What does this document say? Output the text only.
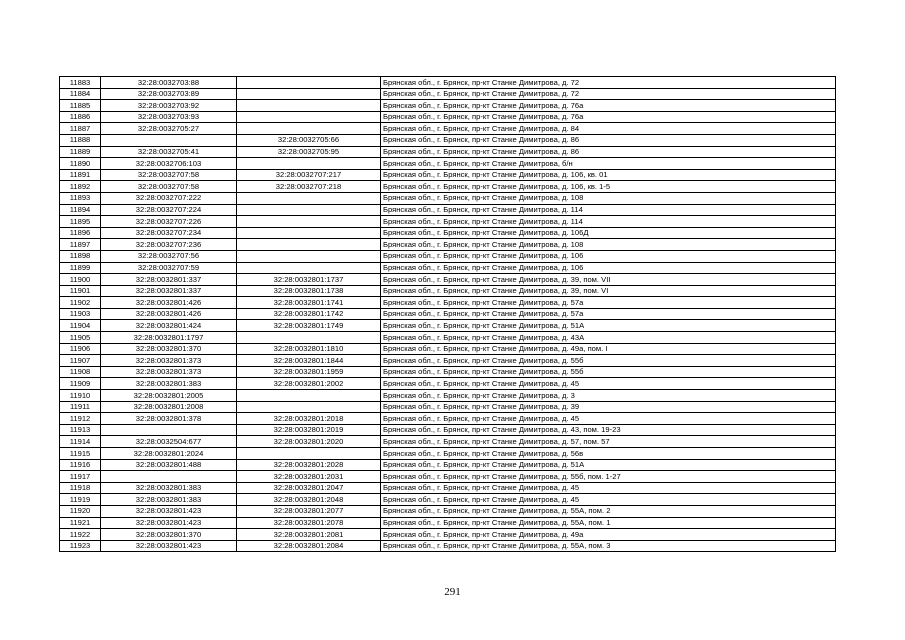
11883	32:28:0032703:88		Брянская обл., г. Брянск, пр-кт Станке Димитрова, д. 72
11884	32:28:0032703:89		Брянская обл., г. Брянск, пр-кт Станке Димитрова, д. 72
11885	32:28:0032703:92		Брянская обл., г. Брянск, пр-кт Станке Димитрова, д. 76а
11886	32:28:0032703:93		Брянская обл., г. Брянск, пр-кт Станке Димитрова, д. 76а
11887	32:28:0032705:27		Брянская обл., г. Брянск, пр-кт Станке Димитрова, д. 84
11888		32:28:0032705:66	Брянская обл., г. Брянск, пр-кт Станке Димитрова, д. 86
11889	32:28:0032705:41	32:28:0032705:95	Брянская обл., г. Брянск, пр-кт Станке Димитрова, д. 86
11890	32:28:0032706:103		Брянская обл., г. Брянск, пр-кт Станке Димитрова, б/н
11891	32:28:0032707:58	32:28:0032707:217	Брянская обл., г. Брянск, пр-кт Станке Димитрова, д. 106, кв. 01
11892	32:28:0032707:58	32:28:0032707:218	Брянская обл., г. Брянск, пр-кт Станке Димитрова, д. 106, кв. 1-5
11893	32:28:0032707:222		Брянская обл., г. Брянск, пр-кт Станке Димитрова, д. 108
11894	32:28:0032707:224		Брянская обл., г. Брянск, пр-кт Станке Димитрова, д. 114
11895	32:28:0032707:226		Брянская обл., г. Брянск, пр-кт Станке Димитрова, д. 114
11896	32:28:0032707:234		Брянская обл., г. Брянск, пр-кт Станке Димитрова, д. 106Д
11897	32:28:0032707:236		Брянская обл., г. Брянск, пр-кт Станке Димитрова, д. 108
11898	32:28:0032707:56		Брянская обл., г. Брянск, пр-кт Станке Димитрова, д. 106
11899	32:28:0032707:59		Брянская обл., г. Брянск, пр-кт Станке Димитрова, д. 106
11900	32:28:0032801:337	32:28:0032801:1737	Брянская обл., г. Брянск, пр-кт Станке Димитрова, д. 39, пом. VII
11901	32:28:0032801:337	32:28:0032801:1738	Брянская обл., г. Брянск, пр-кт Станке Димитрова, д. 39, пом. VI
11902	32:28:0032801:426	32:28:0032801:1741	Брянская обл., г. Брянск, пр-кт Станке Димитрова, д. 57а
11903	32:28:0032801:426	32:28:0032801:1742	Брянская обл., г. Брянск, пр-кт Станке Димитрова, д. 57а
11904	32:28:0032801:424	32:28:0032801:1749	Брянская обл., г. Брянск, пр-кт Станке Димитрова, д. 51А
11905	32:28:0032801:1797		Брянская обл., г. Брянск, пр-кт Станке Димитрова, д. 43А
11906	32:28:0032801:370	32:28:0032801:1810	Брянская обл., г. Брянск, пр-кт Станке Димитрова, д. 49а, пом. I
11907	32:28:0032801:373	32:28:0032801:1844	Брянская обл., г. Брянск, пр-кт Станке Димитрова, д. 55б
11908	32:28:0032801:373	32:28:0032801:1959	Брянская обл., г. Брянск, пр-кт Станке Димитрова, д. 55б
11909	32:28:0032801:383	32:28:0032801:2002	Брянская обл., г. Брянск, пр-кт Станке Димитрова, д. 45
11910	32:28:0032801:2005		Брянская обл., г. Брянск, пр-кт Станке Димитрова, д. 3
11911	32:28:0032801:2008		Брянская обл., г. Брянск, пр-кт Станке Димитрова, д. 39
11912	32:28:0032801:378	32:28:0032801:2018	Брянская обл., г. Брянск, пр-кт Станке Димитрова, д. 45
11913		32:28:0032801:2019	Брянская обл., г. Брянск, пр-кт Станке Димитрова, д. 43, пом. 19-23
11914	32:28:0032504:677	32:28:0032801:2020	Брянская обл., г. Брянск, пр-кт Станке Димитрова, д. 57, пом. 57
11915	32:28:0032801:2024		Брянская обл., г. Брянск, пр-кт Станке Димитрова, д. 56в
11916	32:28:0032801:488	32:28:0032801:2028	Брянская обл., г. Брянск, пр-кт Станке Димитрова, д. 51А
11917		32:28:0032801:2031	Брянская обл., г. Брянск, пр-кт Станке Димитрова, д. 55б, пом. 1-27
11918	32:28:0032801:383	32:28:0032801:2047	Брянская обл., г. Брянск, пр-кт Станке Димитрова, д. 45
11919	32:28:0032801:383	32:28:0032801:2048	Брянская обл., г. Брянск, пр-кт Станке Димитрова, д. 45
11920	32:28:0032801:423	32:28:0032801:2077	Брянская обл., г. Брянск, пр-кт Станке Димитрова, д. 55А, пом. 2
11921	32:28:0032801:423	32:28:0032801:2078	Брянская обл., г. Брянск, пр-кт Станке Димитрова, д. 55А, пом. 1
11922	32:28:0032801:370	32:28:0032801:2081	Брянская обл., г. Брянск, пр-кт Станке Димитрова, д. 49а
11923	32:28:0032801:423	32:28:0032801:2084	Брянская обл., г. Брянск, пр-кт Станке Димитрова, д. 55А, пом. 3
291
